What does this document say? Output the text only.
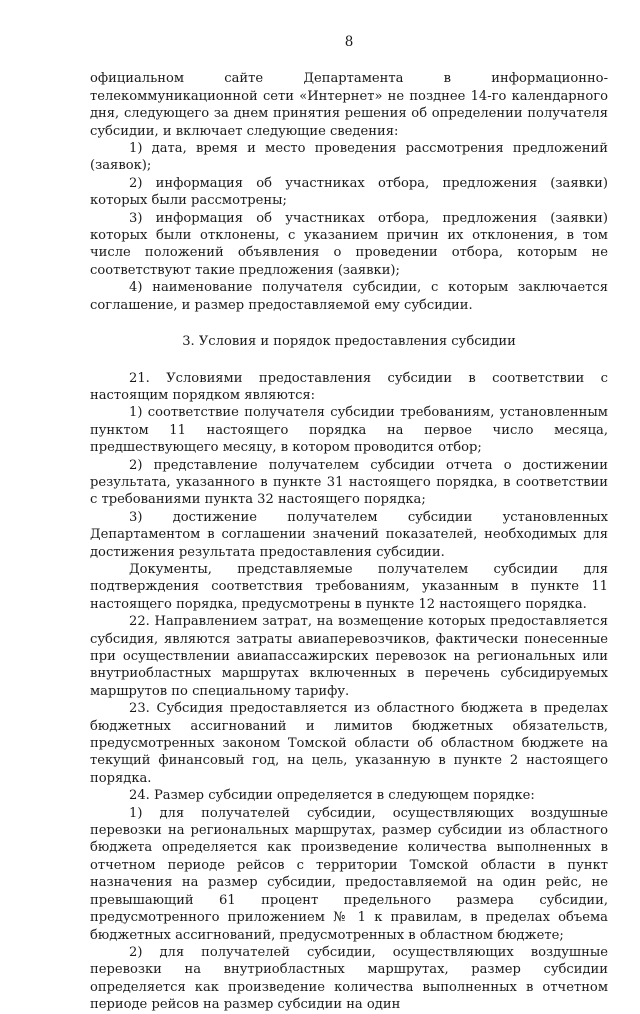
8

официальном сайте Департамента в информационно-телекоммуникационной сети «Интернет» не позднее 14-го календарного дня, следующего за днем принятия решения об определении получателя субсидии, и включает следующие сведения:

1) дата, время и место проведения рассмотрения предложений (заявок);

2) информация об участниках отбора, предложения (заявки) которых были рассмотрены;

3) информация об участниках отбора, предложения (заявки) которых были отклонены, с указанием причин их отклонения, в том числе положений объявления о проведении отбора, которым не соответствуют такие предложения (заявки);

4) наименование получателя субсидии, с которым заключается соглашение, и размер предоставляемой ему субсидии.

3. Условия и порядок предоставления субсидии

21. Условиями предоставления субсидии в соответствии с настоящим порядком являются:

1) соответствие получателя субсидии требованиям, установленным пунктом 11 настоящего порядка на первое число месяца, предшествующего месяцу, в котором проводится отбор;

2) представление получателем субсидии отчета о достижении результата, указанного в пункте 31 настоящего порядка, в соответствии с требованиями пункта 32 настоящего порядка;

3) достижение получателем субсидии установленных Департаментом в соглашении значений показателей, необходимых для достижения результата предоставления субсидии.

Документы, представляемые получателем субсидии для подтверждения соответствия требованиям, указанным в пункте 11 настоящего порядка, предусмотрены в пункте 12 настоящего порядка.

22. Направлением затрат, на возмещение которых предоставляется субсидия, являются затраты авиаперевозчиков, фактически понесенные при осуществлении авиапассажирских перевозок на региональных или внутриобластных маршрутах включенных в перечень субсидируемых маршрутов по специальному тарифу.

23. Субсидия предоставляется из областного бюджета в пределах бюджетных ассигнований и лимитов бюджетных обязательств, предусмотренных законом Томской области об областном бюджете на текущий финансовый год, на цель, указанную в пункте 2 настоящего порядка.

24. Размер субсидии определяется в следующем порядке:

1) для получателей субсидии, осуществляющих воздушные перевозки на региональных маршрутах, размер субсидии из областного бюджета определяется как произведение количества выполненных в отчетном периоде рейсов с территории Томской области в пункт назначения на размер субсидии, предоставляемой на один рейс, не превышающий 61 процент предельного размера субсидии, предусмотренного приложением № 1 к правилам, в пределах объема бюджетных ассигнований, предусмотренных в областном бюджете;

2) для получателей субсидии, осуществляющих воздушные перевозки на внутриобластных маршрутах, размер субсидии определяется как произведение количества выполненных в отчетном периоде рейсов на размер субсидии на один
